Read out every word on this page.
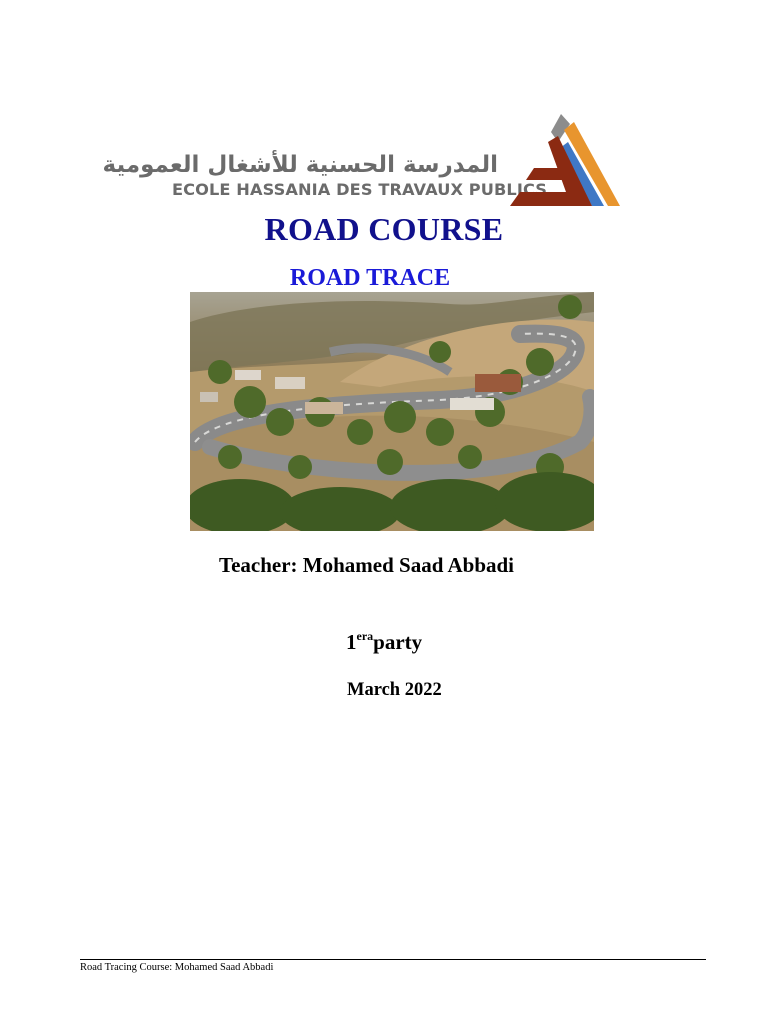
المدرسة الحسنية للأشغال العمومية
ECOLE HASSANIA DES TRAVAUX PUBLICS
ROAD COURSE
ROAD TRACE
Teacher: Mohamed Saad Abbadi
$1^{era}party$
March 2022
Road Tracing Course: Mohamed Saad Abbadi
